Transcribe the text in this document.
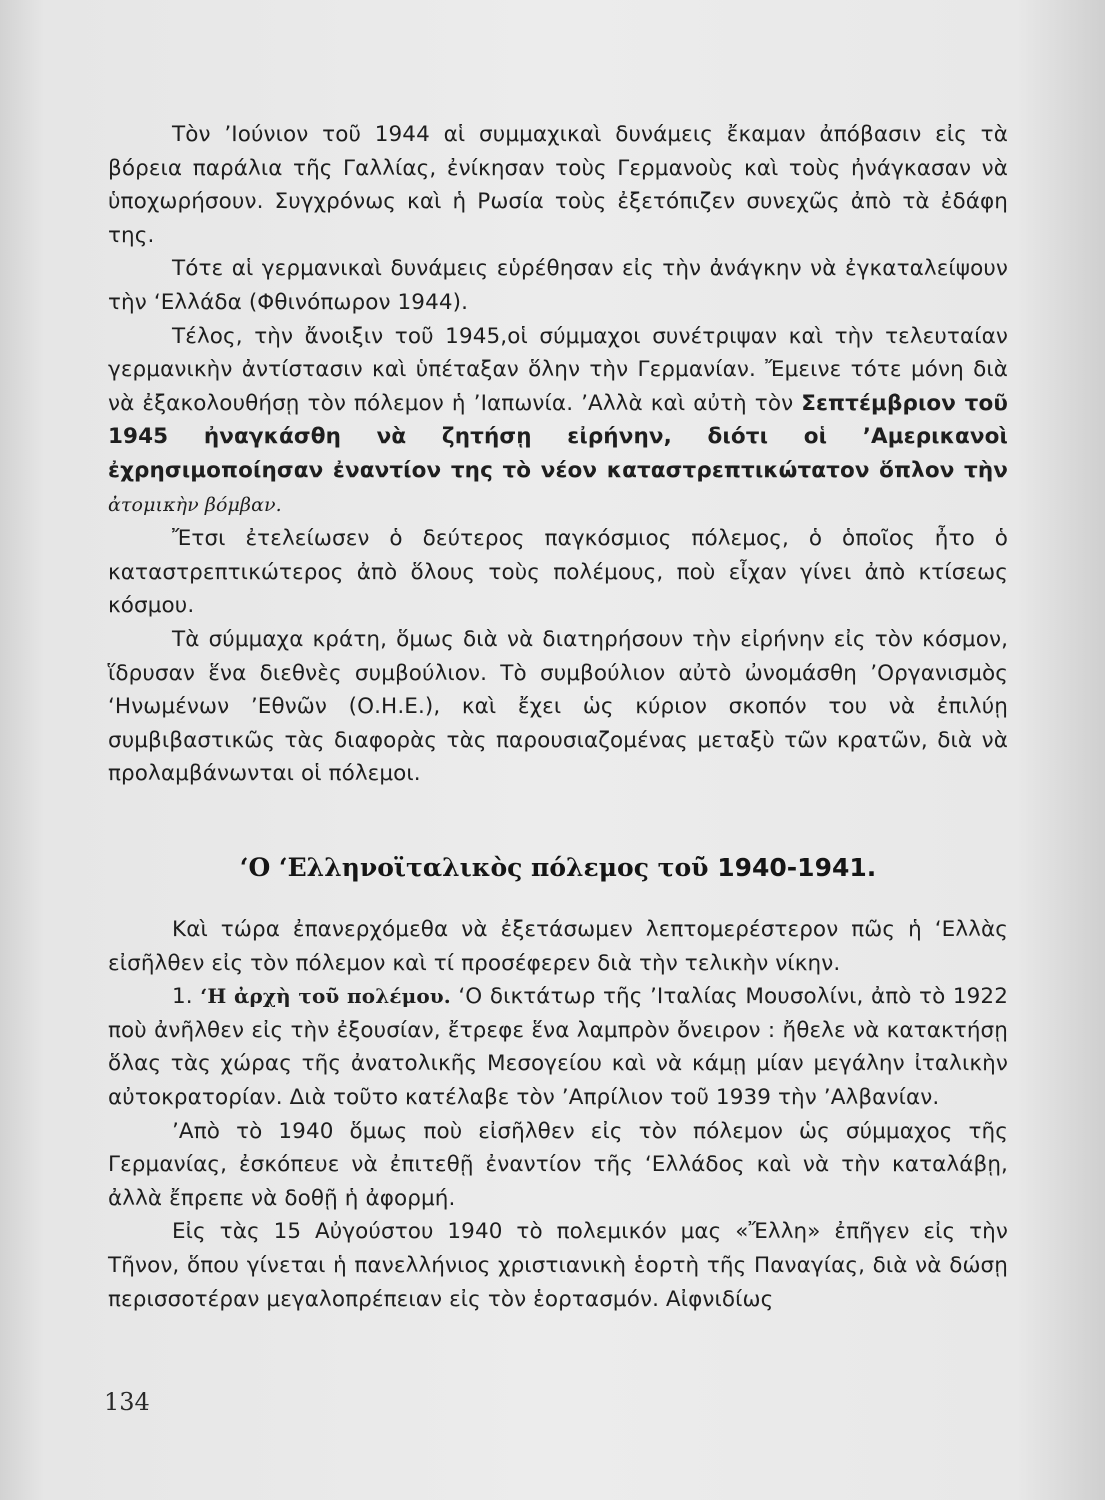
Τὸν ’Ιούνιον τοῦ 1944 αἱ συμμαχικαὶ δυνάμεις ἔκαμαν ἀπόβασιν εἰς τὰ βόρεια παράλια τῆς Γαλλίας, ἐνίκησαν τοὺς Γερμανοὺς καὶ τοὺς ἠνάγκασαν νὰ ὑποχωρήσουν. Συγχρόνως καὶ ἡ Ρωσία τοὺς ἐξετόπιζεν συνεχῶς ἀπὸ τὰ ἐδάφη της.

Τότε αἱ γερμανικαὶ δυνάμεις εὑρέθησαν εἰς τὴν ἀνάγκην νὰ ἐγκαταλείψουν τὴν ‘Ελλάδα (Φθινόπωρον 1944).

Τέλος, τὴν ἄνοιξιν τοῦ 1945,οἱ σύμμαχοι συνέτριψαν καὶ τὴν τελευταίαν γερμανικὴν ἀντίστασιν καὶ ὑπέταξαν ὅλην τὴν Γερμανίαν. Ἔμεινε τότε μόνη διὰ νὰ ἐξακολουθήσῃ τὸν πόλεμον ἡ ’Ιαπωνία. ’Αλλὰ καὶ αὐτὴ τὸν Σεπτέμβριον τοῦ 1945 ἠναγκάσθη νὰ ζητήσῃ εἰρήνην, διότι οἱ ’Αμερικανοὶ ἐχρησιμοποίησαν ἐναντίον της τὸ νέον καταστρεπτικώτατον ὅπλον τὴν ἀτομικὴν βόμβαν.

Ἔτσι ἐτελείωσεν ὁ δεύτερος παγκόσμιος πόλεμος, ὁ ὁποῖος ἦτο ὁ καταστρεπτικώτερος ἀπὸ ὅλους τοὺς πολέμους, ποὺ εἶχαν γίνει ἀπὸ κτίσεως κόσμου.

Τὰ σύμμαχα κράτη, ὅμως διὰ νὰ διατηρήσουν τὴν εἰρήνην εἰς τὸν κόσμον, ἵδρυσαν ἕνα διεθνὲς συμβούλιον. Τὸ συμβούλιον αὐτὸ ὠνομάσθη ’Οργανισμὸς ‘Ηνωμένων ’Εθνῶν (Ο.Η.Ε.), καὶ ἔχει ὡς κύριον σκοπόν του νὰ ἐπιλύῃ συμβιβαστικῶς τὰς διαφορὰς τὰς παρουσιαζομένας μεταξὺ τῶν κρατῶν, διὰ νὰ προλαμβάνωνται οἱ πόλεμοι.

‘Ο ‘Ελληνοϊταλικὸς πόλεμος τοῦ 1940-1941.

Καὶ τώρα ἐπανερχόμεθα νὰ ἐξετάσωμεν λεπτομερέστερον πῶς ἡ ‘Ελλὰς εἰσῆλθεν εἰς τὸν πόλεμον καὶ τί προσέφερεν διὰ τὴν τελικὴν νίκην.

1. ‘Η ἀρχὴ τοῦ πολέμου. ‘Ο δικτάτωρ τῆς ’Ιταλίας Μουσολίνι, ἀπὸ τὸ 1922 ποὺ ἀνῆλθεν εἰς τὴν ἐξουσίαν, ἔτρεφε ἕνα λαμπρὸν ὄνειρον : ἤθελε νὰ κατακτήσῃ ὅλας τὰς χώρας τῆς ἀνατολικῆς Μεσογείου καὶ νὰ κάμῃ μίαν μεγάλην ἰταλικὴν αὐτοκρατορίαν. Διὰ τοῦτο κατέλαβε τὸν ’Απρίλιον τοῦ 1939 τὴν ’Αλβανίαν.

’Απὸ τὸ 1940 ὅμως ποὺ εἰσῆλθεν εἰς τὸν πόλεμον ὡς σύμμαχος τῆς Γερμανίας, ἐσκόπευε νὰ ἐπιτεθῇ ἐναντίον τῆς ‘Ελλάδος καὶ νὰ τὴν καταλάβῃ, ἀλλὰ ἔπρεπε νὰ δοθῇ ἡ ἀφορμή.

Εἰς τὰς 15 Αὐγούστου 1940 τὸ πολεμικόν μας «Ἔλλη» ἐπῆγεν εἰς τὴν Τῆνον, ὅπου γίνεται ἡ πανελλήνιος χριστιανικὴ ἑορτὴ τῆς Παναγίας, διὰ νὰ δώσῃ περισσοτέραν μεγαλοπρέπειαν εἰς τὸν ἑορτασμόν. Αἰφνιδίως

134
